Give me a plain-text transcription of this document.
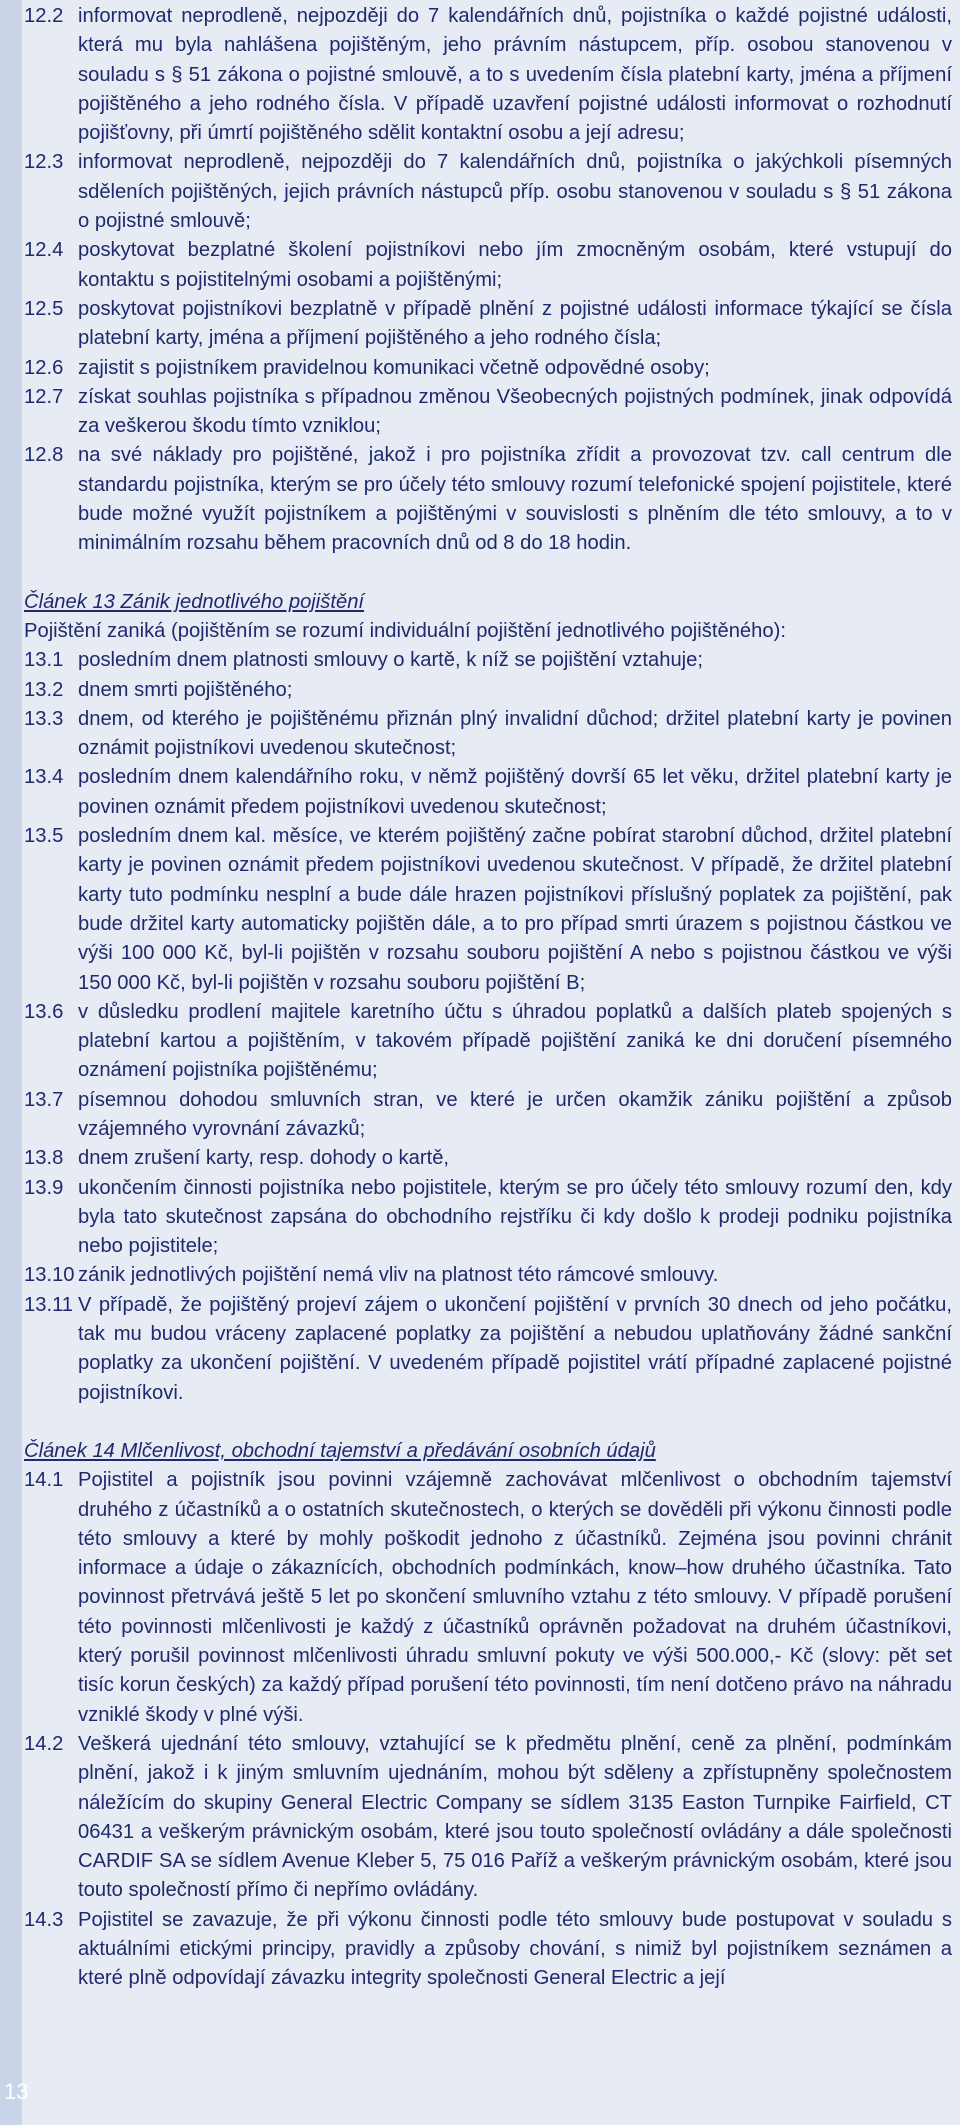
13
12.2 informovat neprodleně, nejpozději do 7 kalendářních dnů, pojistníka o každé pojistné události, která mu byla nahlášena pojištěným, jeho právním nástupcem, příp. osobou stanovenou v souladu s § 51 zákona o pojistné smlouvě, a to s uvedením čísla platební karty, jména a příjmení pojištěného a jeho rodného čísla. V případě uzavření pojistné události informovat o rozhodnutí pojišťovny, při úmrtí pojištěného sdělit kontaktní osobu a její adresu;
12.3 informovat neprodleně, nejpozději do 7 kalendářních dnů, pojistníka o jakýchkoli písemných sděleních pojištěných, jejich právních nástupců příp. osobu stanovenou v souladu s § 51 zákona o pojistné smlouvě;
12.4 poskytovat bezplatné školení pojistníkovi nebo jím zmocněným osobám, které vstupují do kontaktu s pojistitelnými osobami a pojištěnými;
12.5 poskytovat pojistníkovi bezplatně v případě plnění z pojistné události informace týkající se čísla platební karty, jména a příjmení pojištěného a jeho rodného čísla;
12.6 zajistit s pojistníkem pravidelnou komunikaci včetně odpovědné osoby;
12.7 získat souhlas pojistníka s případnou změnou Všeobecných pojistných podmínek, jinak odpovídá za veškerou škodu tímto vzniklou;
12.8 na své náklady pro pojištěné, jakož i pro pojistníka zřídit a provozovat tzv. call centrum dle standardu pojistníka, kterým se pro účely této smlouvy rozumí telefonické spojení pojistitele, které bude možné využít pojistníkem a pojištěnými v souvislosti s plněním dle této smlouvy, a to v minimálním rozsahu během pracovních dnů od 8 do 18 hodin.
Článek 13 Zánik jednotlivého pojištění
Pojištění zaniká (pojištěním se rozumí individuální pojištění jednotlivého pojištěného):
13.1 posledním dnem platnosti smlouvy o kartě, k níž se pojištění vztahuje;
13.2 dnem smrti pojištěného;
13.3 dnem, od kterého je pojištěnému přiznán plný invalidní důchod; držitel platební karty je povinen oznámit pojistníkovi uvedenou skutečnost;
13.4 posledním dnem kalendářního roku, v němž pojištěný dovrší 65 let věku, držitel platební karty je povinen oznámit předem pojistníkovi uvedenou skutečnost;
13.5 posledním dnem kal. měsíce, ve kterém pojištěný začne pobírat starobní důchod, držitel platební karty je povinen oznámit předem pojistníkovi uvedenou skutečnost. V případě, že držitel platební karty tuto podmínku nesplní a bude dále hrazen pojistníkovi příslušný poplatek za pojištění, pak bude držitel karty automaticky pojištěn dále, a to pro případ smrti úrazem s pojistnou částkou ve výši 100 000 Kč, byl-li pojištěn v rozsahu souboru pojištění A nebo s pojistnou částkou ve výši 150 000 Kč, byl-li pojištěn v rozsahu souboru pojištění B;
13.6 v důsledku prodlení majitele karetního účtu s úhradou poplatků a dalších plateb spojených s platební kartou a pojištěním, v takovém případě pojištění zaniká ke dni doručení písemného oznámení pojistníka pojištěnému;
13.7 písemnou dohodou smluvních stran, ve které je určen okamžik zániku pojištění a způsob vzájemného vyrovnání závazků;
13.8 dnem zrušení karty, resp. dohody o kartě,
13.9 ukončením činnosti pojistníka nebo pojistitele, kterým se pro účely této smlouvy rozumí den, kdy byla tato skutečnost zapsána do obchodního rejstříku či kdy došlo k prodeji podniku pojistníka nebo pojistitele;
13.10 zánik jednotlivých pojištění nemá vliv na platnost této rámcové smlouvy.
13.11 V případě, že pojištěný projeví zájem o ukončení pojištění v prvních 30 dnech od jeho počátku, tak mu budou vráceny zaplacené poplatky za pojištění a nebudou uplatňovány žádné sankční poplatky za ukončení pojištění. V uvedeném případě pojistitel vrátí případné zaplacené pojistné pojistníkovi.
Článek 14 Mlčenlivost, obchodní tajemství a předávání osobních údajů
14.1 Pojistitel a pojistník jsou povinni vzájemně zachovávat mlčenlivost o obchodním tajemství druhého z účastníků a o ostatních skutečnostech, o kterých se dověděli při výkonu činnosti podle této smlouvy a které by mohly poškodit jednoho z účastníků. Zejména jsou povinni chránit informace a údaje o zákaznících, obchodních podmínkách, know–how druhého účastníka. Tato povinnost přetrvává ještě 5 let po skončení smluvního vztahu z této smlouvy. V případě porušení této povinnosti mlčenlivosti je každý z účastníků oprávněn požadovat na druhém účastníkovi, který porušil povinnost mlčenlivosti úhradu smluvní pokuty ve výši 500.000,- Kč (slovy: pět set tisíc korun českých) za každý případ porušení této povinnosti, tím není dotčeno právo na náhradu vzniklé škody v plné výši.
14.2 Veškerá ujednání této smlouvy, vztahující se k předmětu plnění, ceně za plnění, podmínkám plnění, jakož i k jiným smluvním ujednáním, mohou být sděleny a zpřístupněny společnostem náležícím do skupiny General Electric Company se sídlem 3135 Easton Turnpike Fairfield, CT 06431 a veškerým právnickým osobám, které jsou touto společností ovládány a dále společnosti CARDIF SA se sídlem Avenue Kleber 5, 75 016 Paříž a veškerým právnickým osobám, které jsou touto společností přímo či nepřímo ovládány.
14.3 Pojistitel se zavazuje, že při výkonu činnosti podle této smlouvy bude postupovat v souladu s aktuálními etickými principy, pravidly a způsoby chování, s nimiž byl pojistníkem seznámen a které plně odpovídají závazku integrity společnosti General Electric a její
